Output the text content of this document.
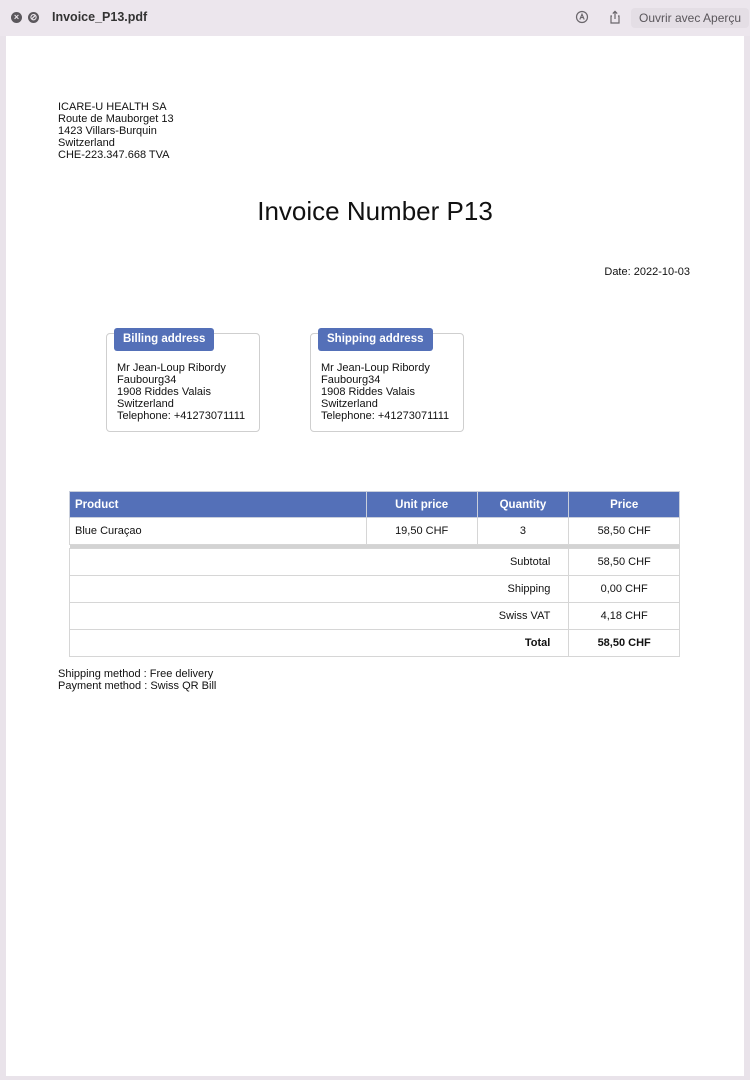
×	⊘ Invoice_P13.pdf	Ouvrir avec Aperçu
ICARE-U HEALTH SA
Route de Mauborget 13
1423 Villars-Burquin
Switzerland
CHE-223.347.668 TVA
Invoice Number P13
Date: 2022-10-03
Billing address
Mr Jean-Loup Ribordy
Faubourg34
1908 Riddes Valais
Switzerland
Telephone: +41273071111
Shipping address
Mr Jean-Loup Ribordy
Faubourg34
1908 Riddes Valais
Switzerland
Telephone: +41273071111
Product	Unit price	Quantity	Price
Blue Curaçao	19,50 CHF	3	58,50 CHF

Subtotal			58,50 CHF
Shipping			0,00 CHF
Swiss VAT			4,18 CHF
Total			58,50 CHF
Shipping method : Free delivery
Payment method : Swiss QR Bill
